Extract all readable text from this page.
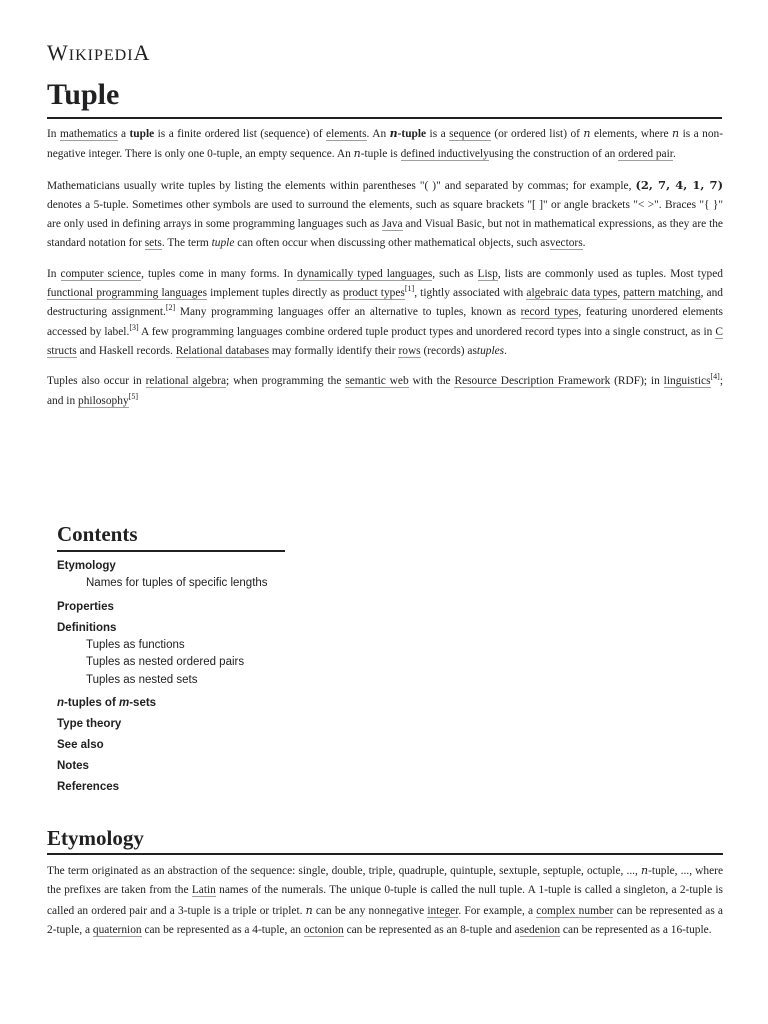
WIKIPEDIA
Tuple

In mathematics a tuple is a finite ordered list (sequence) of elements. An n-tuple is a sequence (or ordered list) of n elements, where n is a non-negative integer. There is only one 0-tuple, an empty sequence. An n-tuple is defined inductivelyusing the construction of an ordered pair.

Mathematicians usually write tuples by listing the elements within parentheses "( )" and separated by commas; for example, (2, 7, 4, 1, 7) denotes a 5-tuple. Sometimes other symbols are used to surround the elements, such as square brackets "[ ]" or angle brackets "< >". Braces "{ }" are only used in defining arrays in some programming languages such as Java and Visual Basic, but not in mathematical expressions, as they are the standard notation for sets. The term tuple can often occur when discussing other mathematical objects, such asvectors.

In computer science, tuples come in many forms. In dynamically typed languages, such as Lisp, lists are commonly used as tuples. Most typed functional programming languages implement tuples directly as product types[1], tightly associated with algebraic data types, pattern matching, and destructuring assignment.[2] Many programming languages offer an alternative to tuples, known as record types, featuring unordered elements accessed by label.[3] A few programming languages combine ordered tuple product types and unordered record types into a single construct, as in C structs and Haskell records. Relational databases may formally identify their rows (records) astuples.

Tuples also occur in relational algebra; when programming the semantic web with the Resource Description Framework (RDF); in linguistics[4]; and in philosophy[5]

Contents
Etymology
Names for tuples of specific lengths
Properties
Definitions
Tuples as functions
Tuples as nested ordered pairs
Tuples as nested sets
n-tuples of m-sets
Type theory
See also
Notes
References
Etymology

The term originated as an abstraction of the sequence: single, double, triple, quadruple, quintuple, sextuple, septuple, octuple, ..., n-tuple, ..., where the prefixes are taken from the Latin names of the numerals. The unique 0-tuple is called the null tuple. A 1-tuple is called a singleton, a 2-tuple is called an ordered pair and a 3-tuple is a triple or triplet. n can be any nonnegative integer. For example, a complex number can be represented as a 2-tuple, a quaternion can be represented as a 4-tuple, an octonion can be represented as an 8-tuple and asedenion can be represented as a 16-tuple.
